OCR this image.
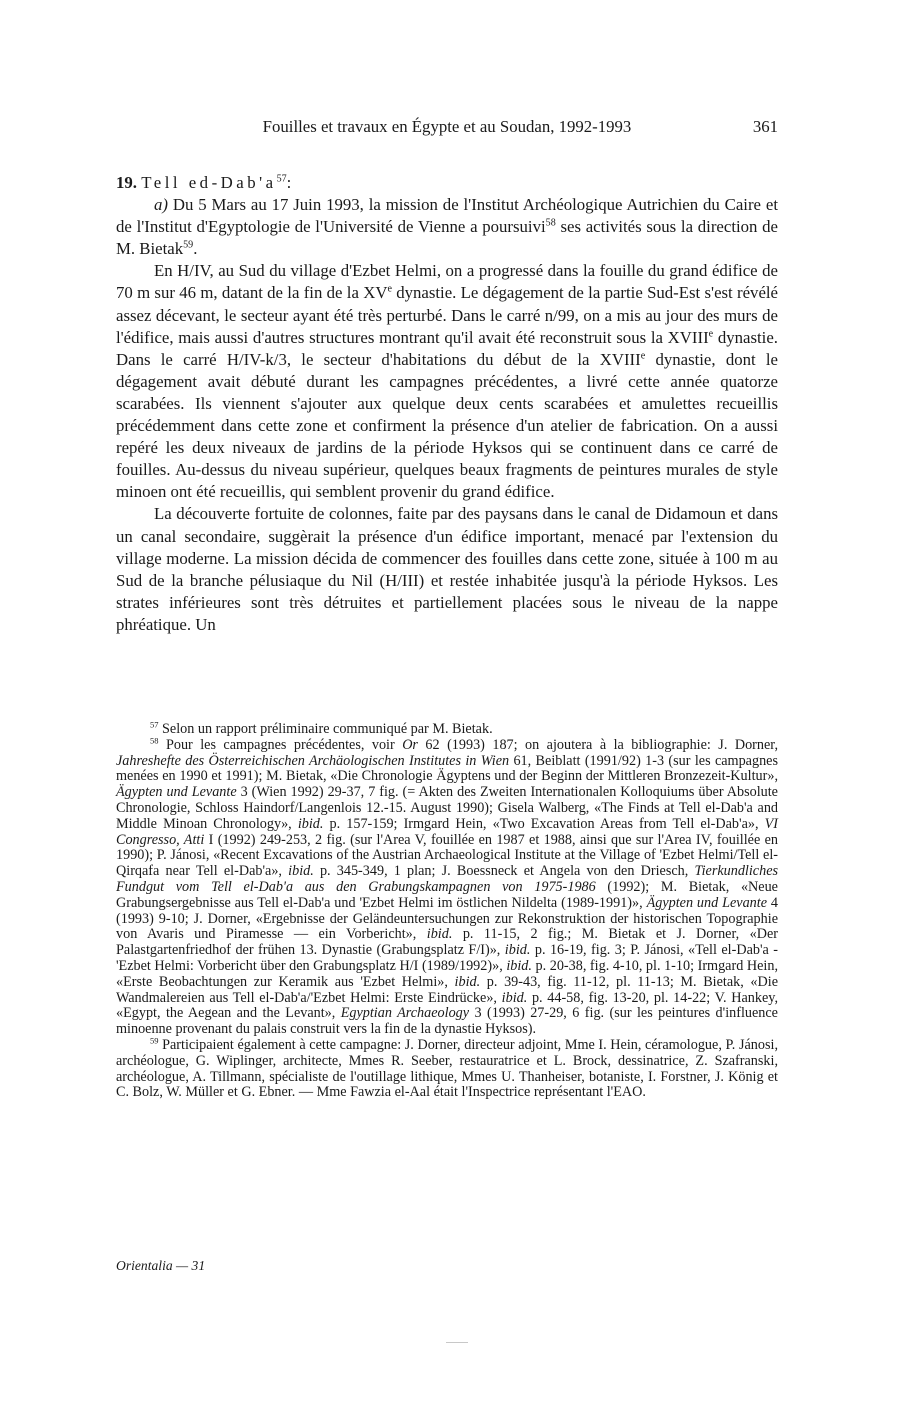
Fouilles et travaux en Égypte et au Soudan, 1992-1993	361

19. Tell $ed-Dab'a^{57}$:

a) Du 5 Mars au 17 Juin 1993, la mission de l'Institut Archéologique Autrichien du Caire et de l'Institut d'Egyptologie de l'Université de Vienne a poursuivi$^{58}$ ses activités sous la direction de M. Bietak$^{59}$.

En H/IV, au Sud du village d'Ezbet Helmi, on a progressé dans la fouille du grand édifice de 70 m sur 46 m, datant de la fin de la XVe dynastie. Le dégagement de la partie Sud-Est s'est révélé assez décevant, le secteur ayant été très perturbé. Dans le carré n/99, on a mis au jour des murs de l'édifice, mais aussi d'autres structures montrant qu'il avait été reconstruit sous la XVIIIe dynastie. Dans le carré H/IV-k/3, le secteur d'habitations du début de la XVIIIe dynastie, dont le dégagement avait débuté durant les campagnes précédentes, a livré cette année quatorze scarabées. Ils viennent s'ajouter aux quelque deux cents scarabées et amulettes recueillis précédemment dans cette zone et confirment la présence d'un atelier de fabrication. On a aussi repéré les deux niveaux de jardins de la période Hyksos qui se continuent dans ce carré de fouilles. Au-dessus du niveau supérieur, quelques beaux fragments de peintures murales de style minoen ont été recueillis, qui semblent provenir du grand édifice.

La découverte fortuite de colonnes, faite par des paysans dans le canal de Didamoun et dans un canal secondaire, suggèrait la présence d'un édifice important, menacé par l'extension du village moderne. La mission décida de commencer des fouilles dans cette zone, située à 100 m au Sud de la branche pélusiaque du Nil (H/III) et restée inhabitée jusqu'à la période Hyksos. Les strates inférieures sont très détruites et partiellement placées sous le niveau de la nappe phréatique. Un

$^{57}$ Selon un rapport préliminaire communiqué par M. Bietak.

$^{58}$ Pour les campagnes précédentes, voir Or 62 (1993) 187; on ajoutera à la bibliographie: J. Dorner, Jahreshefte des Österreichischen Archäologischen Institutes in Wien 61, Beiblatt (1991/92) 1-3 (sur les campagnes menées en 1990 et 1991); M. Bietak, «Die Chronologie Ägyptens und der Beginn der Mittleren Bronzezeit-Kultur», Ägypten und Levante 3 (Wien 1992) 29-37, 7 fig. (= Akten des Zweiten Internationalen Kolloquiums über Absolute Chronologie, Schloss Haindorf/Langenlois 12.-15. August 1990); Gisela Walberg, «The Finds at Tell el-Dab'a and Middle Minoan Chronology», ibid. p. 157-159; Irmgard Hein, «Two Excavation Areas from Tell el-Dab'a», VI Congresso, Atti I (1992) 249-253, 2 fig. (sur l'Area V, fouillée en 1987 et 1988, ainsi que sur l'Area IV, fouillée en 1990); P. Jánosi, «Recent Excavations of the Austrian Archaeological Institute at the Village of 'Ezbet Helmi/Tell el-Qirqafa near Tell el-Dab'a», ibid. p. 345-349, 1 plan; J. Boessneck et Angela von den Driesch, Tierkundliches Fundgut vom Tell el-Dab'a aus den Grabungskampagnen von 1975-1986 (1992); M. Bietak, «Neue Grabungsergebnisse aus Tell el-Dab'a und 'Ezbet Helmi im östlichen Nildelta (1989-1991)», Ägypten und Levante 4 (1993) 9-10; J. Dorner, «Ergebnisse der Geländeuntersuchungen zur Rekonstruktion der historischen Topographie von Avaris und Piramesse — ein Vorbericht», ibid. p. 11-15, 2 fig.; M. Bietak et J. Dorner, «Der Palastgartenfriedhof der frühen 13. Dynastie (Grabungsplatz F/I)», ibid. p. 16-19, fig. 3; P. Jánosi, «Tell el-Dab'a - 'Ezbet Helmi: Vorbericht über den Grabungsplatz H/I (1989/1992)», ibid. p. 20-38, fig. 4-10, pl. 1-10; Irmgard Hein, «Erste Beobachtungen zur Keramik aus 'Ezbet Helmi», ibid. p. 39-43, fig. 11-12, pl. 11-13; M. Bietak, «Die Wandmalereien aus Tell el-Dab'a/'Ezbet Helmi: Erste Eindrücke», ibid. p. 44-58, fig. 13-20, pl. 14-22; V. Hankey, «Egypt, the Aegean and the Levant», Egyptian Archaeology 3 (1993) 27-29, 6 fig. (sur les peintures d'influence minoenne provenant du palais construit vers la fin de la dynastie Hyksos).

$^{59}$ Participaient également à cette campagne: J. Dorner, directeur adjoint, Mme I. Hein, céramologue, P. Jánosi, archéologue, G. Wiplinger, architecte, Mmes R. Seeber, restauratrice et L. Brock, dessinatrice, Z. Szafranski, archéologue, A. Tillmann, spécialiste de l'outillage lithique, Mmes U. Thanheiser, botaniste, I. Forstner, J. König et C. Bolz, W. Müller et G. Ebner. — Mme Fawzia el-Aal était l'Inspectrice représentant l'EAO.

Orientalia — 31
